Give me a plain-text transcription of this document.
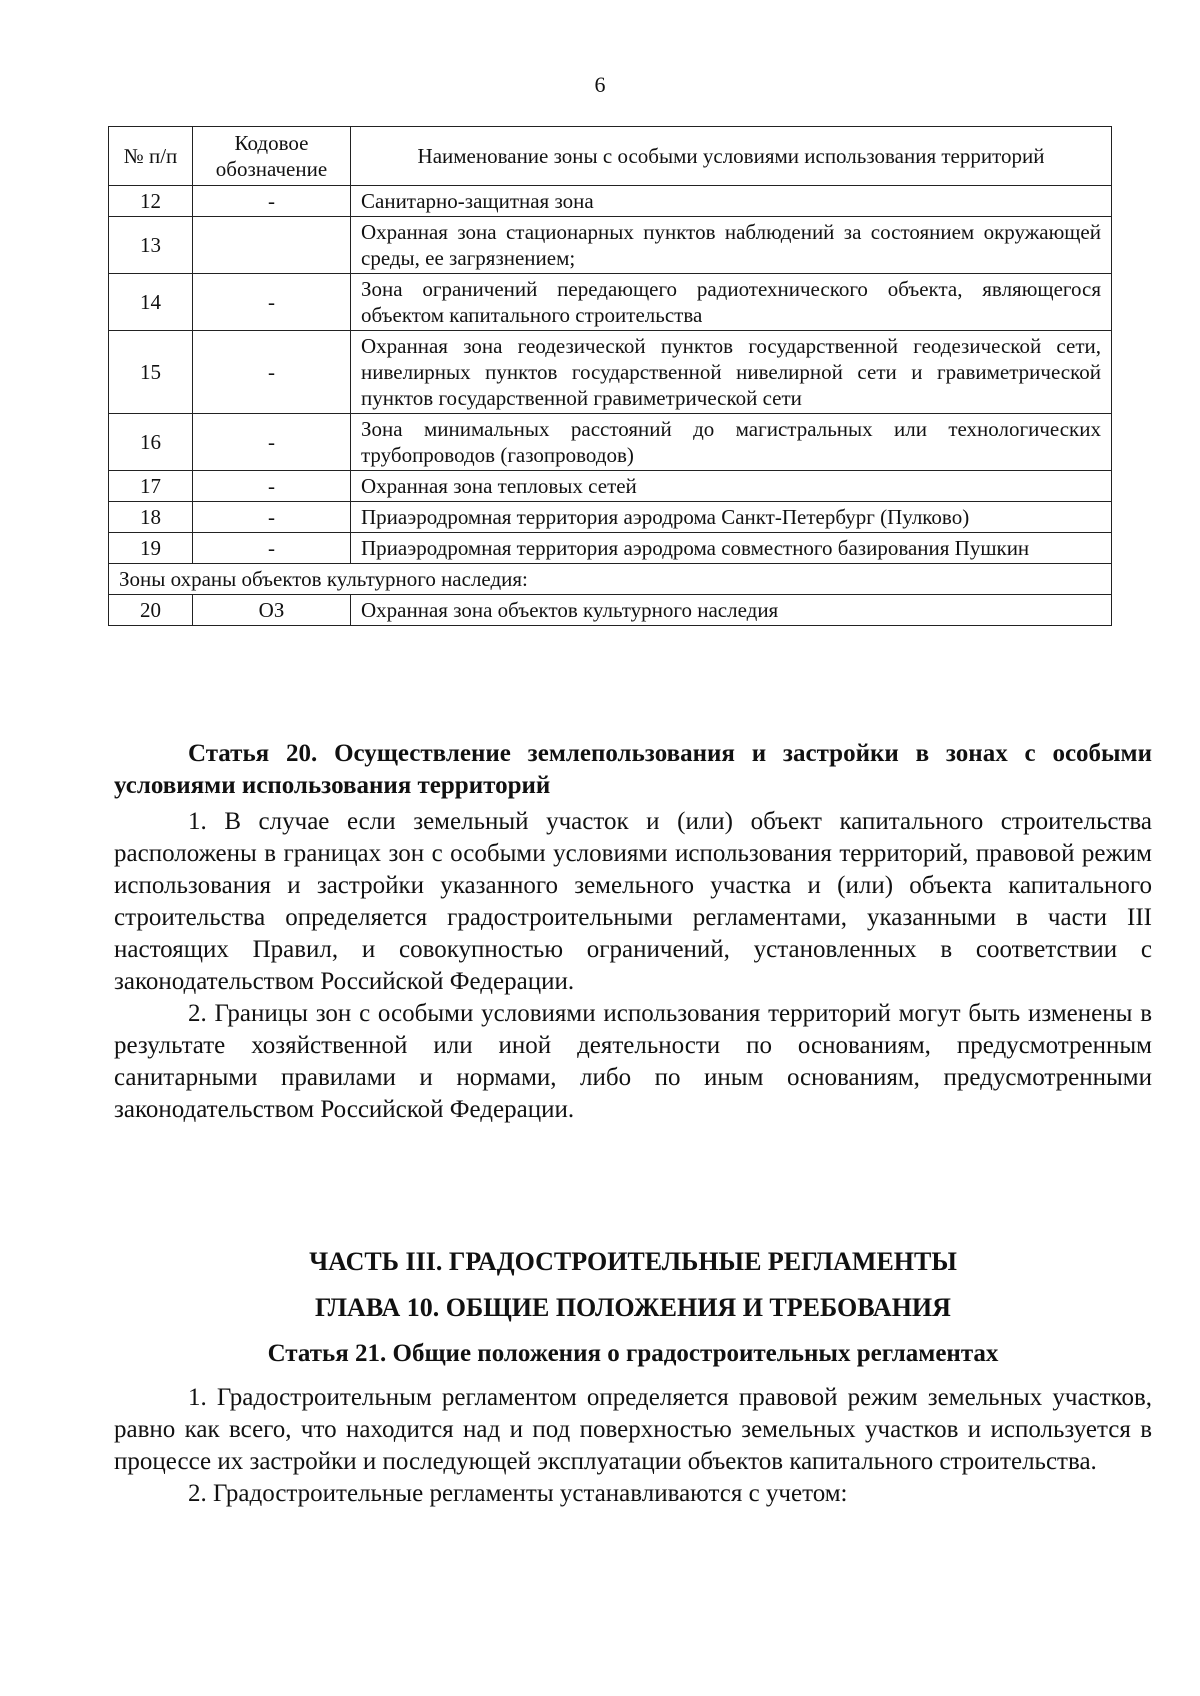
6
№ п/п	Кодовое обозначение	Наименование зоны с особыми условиями использования территорий
12	-	Санитарно-защитная зона
13		Охранная зона стационарных пунктов наблюдений за состоянием окружающей среды, ее загрязнением;
14	-	Зона ограничений передающего радиотехнического объекта, являющегося объектом капитального строительства
15	-	Охранная зона геодезической пунктов государственной геодезической сети, нивелирных пунктов государственной нивелирной сети и гравиметрической пунктов государственной гравиметрической сети
16	-	Зона минимальных расстояний до магистральных или технологических трубопроводов (газопроводов)
17	-	Охранная зона тепловых сетей
18	-	Приаэродромная территория аэродрома Санкт-Петербург (Пулково)
19	-	Приаэродромная территория аэродрома совместного базирования Пушкин
Зоны охраны объектов культурного наследия:		
20	ОЗ	Охранная зона объектов культурного наследия

Статья 20. Осуществление землепользования и застройки в зонах с особыми условиями использования территорий

1. В случае если земельный участок и (или) объект капитального строительства расположены в границах зон с особыми условиями использования территорий, правовой режим использования и застройки указанного земельного участка и (или) объекта капитального строительства определяется градостроительными регламентами, указанными в части III настоящих Правил, и совокупностью ограничений, установленных в соответствии с законодательством Российской Федерации.

2. Границы зон с особыми условиями использования территорий могут быть изменены в результате хозяйственной или иной деятельности по основаниям, предусмотренным санитарными правилами и нормами, либо по иным основаниям, предусмотренными законодательством Российской Федерации.

ЧАСТЬ III. ГРАДОСТРОИТЕЛЬНЫЕ РЕГЛАМЕНТЫ

ГЛАВА 10. ОБЩИЕ ПОЛОЖЕНИЯ И ТРЕБОВАНИЯ

Статья 21. Общие положения о градостроительных регламентах

1. Градостроительным регламентом определяется правовой режим земельных участков, равно как всего, что находится над и под поверхностью земельных участков и используется в процессе их застройки и последующей эксплуатации объектов капитального строительства.

2. Градостроительные регламенты устанавливаются с учетом:
